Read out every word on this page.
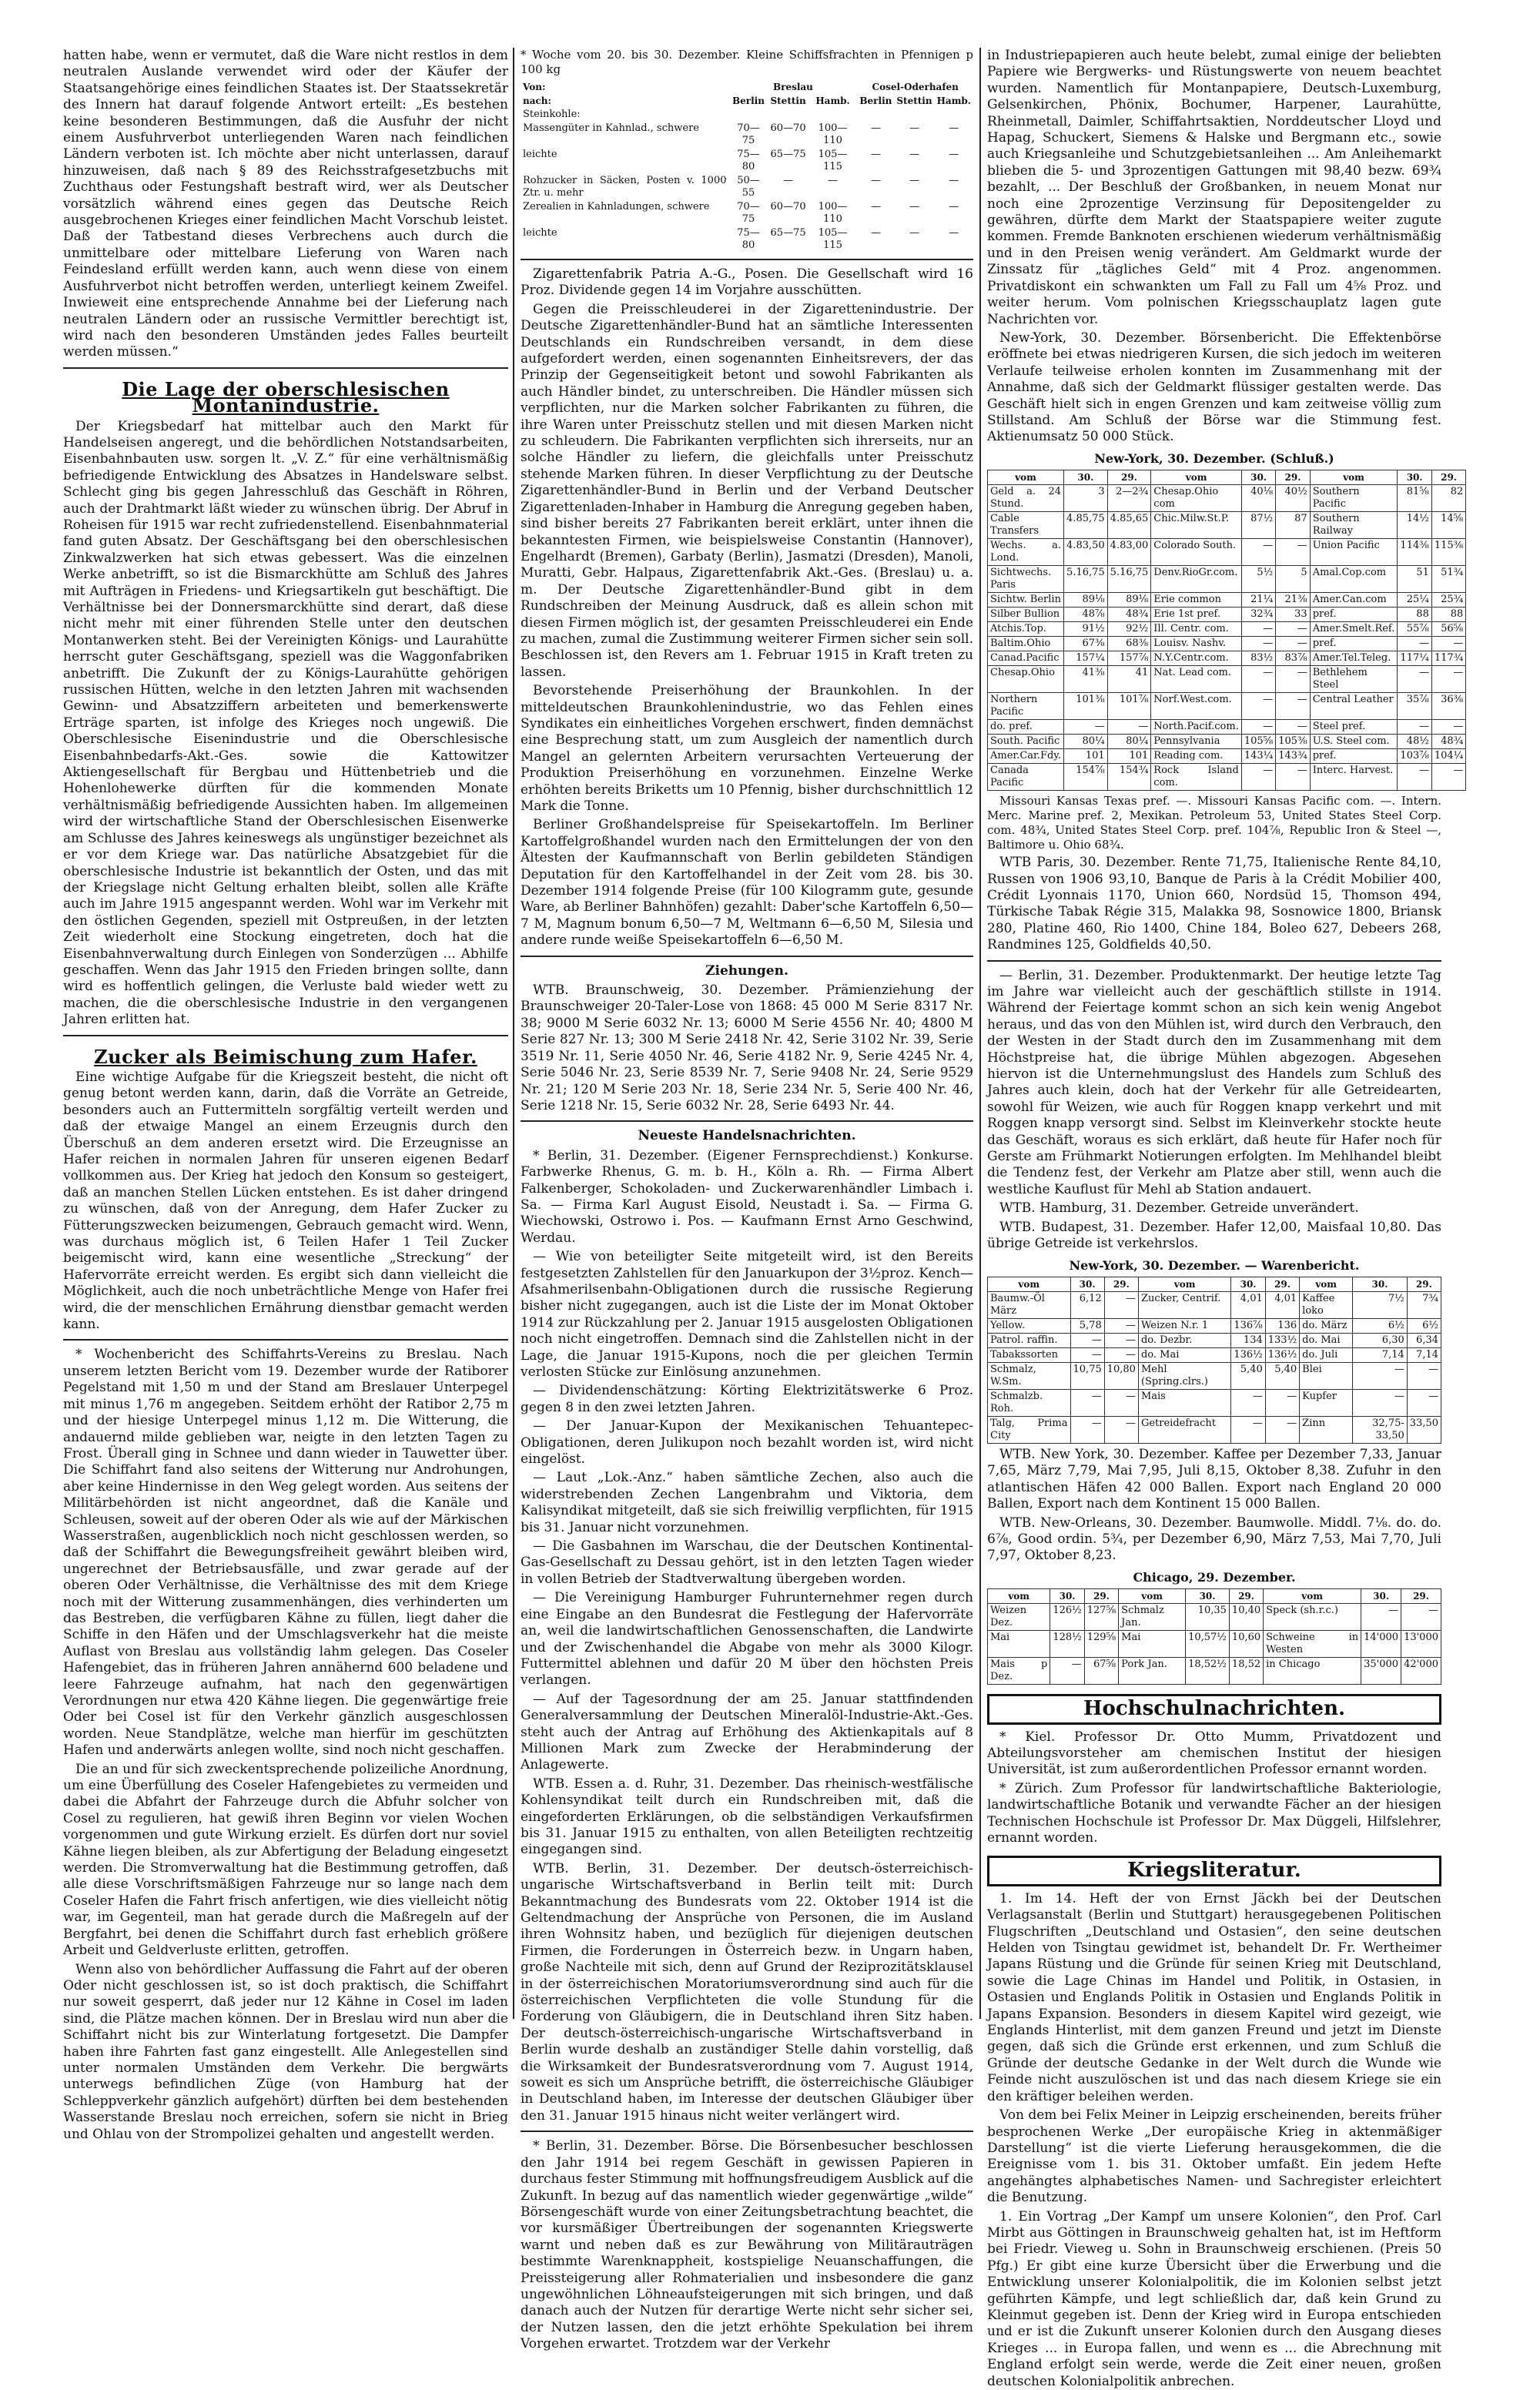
hatten habe, wenn er vermutet, daß die Ware nicht restlos in dem neutralen Auslande verwendet wird oder der Käufer der Staatsangehörige eines feindlichen Staates ist. Der Staatssekretär des Innern hat darauf folgende Antwort erteilt: „Es bestehen keine besonderen Bestimmungen, daß die Ausfuhr der nicht einem Ausfuhrverbot unterliegenden Waren nach feindlichen Ländern verboten ist. Ich möchte aber nicht unterlassen, darauf hinzuweisen, daß nach § 89 des Reichsstrafgesetzbuchs mit Zuchthaus oder Festungshaft bestraft wird, wer als Deutscher vorsätzlich während eines gegen das Deutsche Reich ausgebrochenen Krieges einer feindlichen Macht Vorschub leistet. Daß der Tatbestand dieses Verbrechens auch durch die unmittelbare oder mittelbare Lieferung von Waren nach Feindesland erfüllt werden kann, auch wenn diese von einem Ausfuhrverbot nicht betroffen werden, unterliegt keinem Zweifel. Inwieweit eine entsprechende Annahme bei der Lieferung nach neutralen Ländern oder an russische Vermittler berechtigt ist, wird nach den besonderen Umständen jedes Falles beurteilt werden müssen.“

Die Lage der oberschlesischen Montanindustrie.

Der Kriegsbedarf hat mittelbar auch den Markt für Handelseisen angeregt, und die behördlichen Notstandsarbeiten, Eisenbahnbauten usw. sorgen lt. „V. Z.“ für eine verhältnismäßig befriedigende Entwicklung des Absatzes in Handelsware selbst. Schlecht ging bis gegen Jahresschluß das Geschäft in Röhren, auch der Drahtmarkt läßt wieder zu wünschen übrig. Der Abruf in Roheisen für 1915 war recht zufriedenstellend. Eisenbahnmaterial fand guten Absatz. Der Geschäftsgang bei den oberschlesischen Zinkwalzwerken hat sich etwas gebessert. Was die einzelnen Werke anbetrifft, so ist die Bismarckhütte am Schluß des Jahres mit Aufträgen in Friedens- und Kriegsartikeln gut beschäftigt. Die Verhältnisse bei der Donnersmarckhütte sind derart, daß diese nicht mehr mit einer führenden Stelle unter den deutschen Montanwerken steht. Bei der Vereinigten Königs- und Laurahütte herrscht guter Geschäftsgang, speziell was die Waggonfabriken anbetrifft. Die Zukunft der zu Königs-Laurahütte gehörigen russischen Hütten, welche in den letzten Jahren mit wachsenden Gewinn- und Absatzziffern arbeiteten und bemerkenswerte Erträge sparten, ist infolge des Krieges noch ungewiß. Die Oberschlesische Eisenindustrie und die Oberschlesische Eisenbahnbedarfs-Akt.-Ges. sowie die Kattowitzer Aktiengesellschaft für Bergbau und Hüttenbetrieb und die Hohenlohewerke dürften für die kommenden Monate verhältnismäßig befriedigende Aussichten haben. Im allgemeinen wird der wirtschaftliche Stand der Oberschlesischen Eisenwerke am Schlusse des Jahres keineswegs als ungünstiger bezeichnet als er vor dem Kriege war. Das natürliche Absatzgebiet für die oberschlesische Industrie ist bekanntlich der Osten, und das mit der Kriegslage nicht Geltung erhalten bleibt, sollen alle Kräfte auch im Jahre 1915 angespannt werden. Wohl war im Verkehr mit den östlichen Gegenden, speziell mit Ostpreußen, in der letzten Zeit wiederholt eine Stockung eingetreten, doch hat die Eisenbahnverwaltung durch Einlegen von Sonderzügen ... Abhilfe geschaffen. Wenn das Jahr 1915 den Frieden bringen sollte, dann wird es hoffentlich gelingen, die Verluste bald wieder wett zu machen, die die oberschlesische Industrie in den vergangenen Jahren erlitten hat.

Zucker als Beimischung zum Hafer.

Eine wichtige Aufgabe für die Kriegszeit besteht, die nicht oft genug betont werden kann, darin, daß die Vorräte an Getreide, besonders auch an Futtermitteln sorgfältig verteilt werden und daß der etwaige Mangel an einem Erzeugnis durch den Überschuß an dem anderen ersetzt wird. Die Erzeugnisse an Hafer reichen in normalen Jahren für unseren eigenen Bedarf vollkommen aus. Der Krieg hat jedoch den Konsum so gesteigert, daß an manchen Stellen Lücken entstehen. Es ist daher dringend zu wünschen, daß von der Anregung, dem Hafer Zucker zu Fütterungszwecken beizumengen, Gebrauch gemacht wird. Wenn, was durchaus möglich ist, 6 Teilen Hafer 1 Teil Zucker beigemischt wird, kann eine wesentliche „Streckung“ der Hafervorräte erreicht werden. Es ergibt sich dann vielleicht die Möglichkeit, auch die noch unbeträchtliche Menge von Hafer frei wird, die der menschlichen Ernährung dienstbar gemacht werden kann.

* Wochenbericht des Schiffahrts-Vereins zu Breslau. Nach unserem letzten Bericht vom 19. Dezember wurde der Ratiborer Pegelstand mit 1,50 m und der Stand am Breslauer Unterpegel mit minus 1,76 m angegeben. Seitdem erhöht der Ratibor 2,75 m und der hiesige Unterpegel minus 1,12 m. Die Witterung, die andauernd milde geblieben war, neigte in den letzten Tagen zu Frost. Überall ging in Schnee und dann wieder in Tauwetter über. Die Schiffahrt fand also seitens der Witterung nur Androhungen, aber keine Hindernisse in den Weg gelegt worden. Aus seitens der Militärbehörden ist nicht angeordnet, daß die Kanäle und Schleusen, soweit auf der oberen Oder als wie auf der Märkischen Wasserstraßen, augenblicklich noch nicht geschlossen werden, so daß der Schiffahrt die Bewegungsfreiheit gewährt bleiben wird, ungerechnet der Betriebsausfälle, und zwar gerade auf der oberen Oder Verhältnisse, die Verhältnisse des mit dem Kriege noch mit der Witterung zusammenhängen, dies verhinderten um das Bestreben, die verfügbaren Kähne zu füllen, liegt daher die Schiffe in den Häfen und der Umschlagsverkehr hat die meiste Auflast von Breslau aus vollständig lahm gelegen. Das Coseler Hafengebiet, das in früheren Jahren annähernd 600 beladene und leere Fahrzeuge aufnahm, hat nach den gegenwärtigen Verordnungen nur etwa 420 Kähne liegen. Die gegenwärtige freie Oder bei Cosel ist für den Verkehr gänzlich ausgeschlossen worden. Neue Standplätze, welche man hierfür im geschützten Hafen und anderwärts anlegen wollte, sind noch nicht geschaffen.

Die an und für sich zweckentsprechende polizeiliche Anordnung, um eine Überfüllung des Coseler Hafengebietes zu vermeiden und dabei die Abfahrt der Fahrzeuge durch die Abfuhr solcher von Cosel zu regulieren, hat gewiß ihren Beginn vor vielen Wochen vorgenommen und gute Wirkung erzielt. Es dürfen dort nur soviel Kähne liegen bleiben, als zur Abfertigung der Beladung eingesetzt werden. Die Stromverwaltung hat die Bestimmung getroffen, daß alle diese Vorschriftsmäßigen Fahrzeuge nur so lange nach dem Coseler Hafen die Fahrt frisch anfertigen, wie dies vielleicht nötig war, im Gegenteil, man hat gerade durch die Maßregeln auf der Bergfahrt, bei denen die Schiffahrt durch fast erheblich größere Arbeit und Geldverluste erlitten, getroffen.

Wenn also von behördlicher Auffassung die Fahrt auf der oberen Oder nicht geschlossen ist, so ist doch praktisch, die Schiffahrt nur soweit gesperrt, daß jeder nur 12 Kähne in Cosel im laden sind, die Plätze machen können. Der in Breslau wird nun aber die Schiffahrt nicht bis zur Winterlatung fortgesetzt. Die Dampfer haben ihre Fahrten fast ganz eingestellt. Alle Anlegestellen sind unter normalen Umständen dem Verkehr. Die bergwärts unterwegs befindlichen Züge (von Hamburg hat der Schleppverkehr gänzlich aufgehört) dürften bei dem bestehenden Wasserstande Breslau noch erreichen, sofern sie nicht in Brieg und Ohlau von der Strompolizei gehalten und angestellt werden.

* Woche vom 20. bis 30. Dezember. Kleine Schiffsfrachten in Pfennigen p 100 kg

Von:	Breslau			Cosel-Oderhafen		
nach:	Berlin	Stettin	Hamb.	Berlin	Stettin	Hamb.
Steinkohle:						
Massengüter in Kahnlad., schwere	70—75	60—70	100—110	—	—	—
leichte	75—80	65—75	105—115	—	—	—
Rohzucker in Säcken, Posten v. 1000 Ztr. u. mehr	50—55	—	—	—	—	—
Zerealien in Kahnladungen, schwere	70—75	60—70	100—110	—	—	—
leichte	75—80	65—75	105—115	—	—	—

Zigarettenfabrik Patria A.-G., Posen. Die Gesellschaft wird 16 Proz. Dividende gegen 14 im Vorjahre ausschütten.

Gegen die Preisschleuderei in der Zigarettenindustrie. Der Deutsche Zigarettenhändler-Bund hat an sämtliche Interessenten Deutschlands ein Rundschreiben versandt, in dem diese aufgefordert werden, einen sogenannten Einheitsrevers, der das Prinzip der Gegenseitigkeit betont und sowohl Fabrikanten als auch Händler bindet, zu unterschreiben. Die Händler müssen sich verpflichten, nur die Marken solcher Fabrikanten zu führen, die ihre Waren unter Preisschutz stellen und mit diesen Marken nicht zu schleudern. Die Fabrikanten verpflichten sich ihrerseits, nur an solche Händler zu liefern, die gleichfalls unter Preisschutz stehende Marken führen. In dieser Verpflichtung zu der Deutsche Zigarettenhändler-Bund in Berlin und der Verband Deutscher Zigarettenladen-Inhaber in Hamburg die Anregung gegeben haben, sind bisher bereits 27 Fabrikanten bereit erklärt, unter ihnen die bekanntesten Firmen, wie beispielsweise Constantin (Hannover), Engelhardt (Bremen), Garbaty (Berlin), Jasmatzi (Dresden), Manoli, Muratti, Gebr. Halpaus, Zigarettenfabrik Akt.-Ges. (Breslau) u. a. m. Der Deutsche Zigarettenhändler-Bund gibt in dem Rundschreiben der Meinung Ausdruck, daß es allein schon mit diesen Firmen möglich ist, der gesamten Preisschleuderei ein Ende zu machen, zumal die Zustimmung weiterer Firmen sicher sein soll. Beschlossen ist, den Revers am 1. Februar 1915 in Kraft treten zu lassen.

Bevorstehende Preiserhöhung der Braunkohlen. In der mitteldeutschen Braunkohlenindustrie, wo das Fehlen eines Syndikates ein einheitliches Vorgehen erschwert, finden demnächst eine Besprechung statt, um zum Ausgleich der namentlich durch Mangel an gelernten Arbeitern verursachten Verteuerung der Produktion Preiserhöhung en vorzunehmen. Einzelne Werke erhöhten bereits Briketts um 10 Pfennig, bisher durchschnittlich 12 Mark die Tonne.

Berliner Großhandelspreise für Speisekartoffeln. Im Berliner Kartoffelgroßhandel wurden nach den Ermittelungen der von den Ältesten der Kaufmannschaft von Berlin gebildeten Ständigen Deputation für den Kartoffelhandel in der Zeit vom 28. bis 30. Dezember 1914 folgende Preise (für 100 Kilogramm gute, gesunde Ware, ab Berliner Bahnhöfen) gezahlt: Daber'sche Kartoffeln 6,50—7 M, Magnum bonum 6,50—7 M, Weltmann 6—6,50 M, Silesia und andere runde weiße Speisekartoffeln 6—6,50 M.

Ziehungen.

WTB. Braunschweig, 30. Dezember. Prämienziehung der Braunschweiger 20-Taler-Lose von 1868: 45 000 M Serie 8317 Nr. 38; 9000 M Serie 6032 Nr. 13; 6000 M Serie 4556 Nr. 40; 4800 M Serie 827 Nr. 13; 300 M Serie 2418 Nr. 42, Serie 3102 Nr. 39, Serie 3519 Nr. 11, Serie 4050 Nr. 46, Serie 4182 Nr. 9, Serie 4245 Nr. 4, Serie 5046 Nr. 23, Serie 8539 Nr. 7, Serie 9408 Nr. 24, Serie 9529 Nr. 21; 120 M Serie 203 Nr. 18, Serie 234 Nr. 5, Serie 400 Nr. 46, Serie 1218 Nr. 15, Serie 6032 Nr. 28, Serie 6493 Nr. 44.

Neueste Handelsnachrichten.

* Berlin, 31. Dezember. (Eigener Fernsprechdienst.) Konkurse. Farbwerke Rhenus, G. m. b. H., Köln a. Rh. — Firma Albert Falkenberger, Schokoladen- und Zuckerwarenhändler Limbach i. Sa. — Firma Karl August Eisold, Neustadt i. Sa. — Firma G. Wiechowski, Ostrowo i. Pos. — Kaufmann Ernst Arno Geschwind, Werdau.

— Wie von beteiligter Seite mitgeteilt wird, ist den Bereits festgesetzten Zahlstellen für den Januarkupon der 3½proz. Kench—Afsahmerilsenbahn-Obligationen durch die russische Regierung bisher nicht zugegangen, auch ist die Liste der im Monat Oktober 1914 zur Rückzahlung per 2. Januar 1915 ausgelosten Obligationen noch nicht eingetroffen. Demnach sind die Zahlstellen nicht in der Lage, die Januar 1915-Kupons, noch die per gleichen Termin verlosten Stücke zur Einlösung anzunehmen.

— Dividendenschätzung: Körting Elektrizitätswerke 6 Proz. gegen 8 in den zwei letzten Jahren.

— Der Januar-Kupon der Mexikanischen Tehuantepec-Obligationen, deren Julikupon noch bezahlt worden ist, wird nicht eingelöst.

— Laut „Lok.-Anz.“ haben sämtliche Zechen, also auch die widerstrebenden Zechen Langenbrahm und Viktoria, dem Kalisyndikat mitgeteilt, daß sie sich freiwillig verpflichten, für 1915 bis 31. Januar nicht vorzunehmen.

— Die Gasbahnen im Warschau, die der Deutschen Kontinental-Gas-Gesellschaft zu Dessau gehört, ist in den letzten Tagen wieder in vollen Betrieb der Stadtverwaltung übergeben worden.

— Die Vereinigung Hamburger Fuhrunternehmer regen durch eine Eingabe an den Bundesrat die Festlegung der Hafervorräte an, weil die landwirtschaftlichen Genossenschaften, die Landwirte und der Zwischenhandel die Abgabe von mehr als 3000 Kilogr. Futtermittel ablehnen und dafür 20 M über den höchsten Preis verlangen.

— Auf der Tagesordnung der am 25. Januar stattfindenden Generalversammlung der Deutschen Mineralöl-Industrie-Akt.-Ges. steht auch der Antrag auf Erhöhung des Aktienkapitals auf 8 Millionen Mark zum Zwecke der Herabminderung der Anlagewerte.

WTB. Essen a. d. Ruhr, 31. Dezember. Das rheinisch-westfälische Kohlensyndikat teilt durch ein Rundschreiben mit, daß die eingeforderten Erklärungen, ob die selbständigen Verkaufsfirmen bis 31. Januar 1915 zu enthalten, von allen Beteiligten rechtzeitig eingegangen sind.

WTB. Berlin, 31. Dezember. Der deutsch-österreichisch-ungarische Wirtschaftsverband in Berlin teilt mit: Durch Bekanntmachung des Bundesrats vom 22. Oktober 1914 ist die Geltendmachung der Ansprüche von Personen, die im Ausland ihren Wohnsitz haben, und bezüglich für diejenigen deutschen Firmen, die Forderungen in Österreich bezw. in Ungarn haben, große Nachteile mit sich, denn auf Grund der Reziprozitätsklausel in der österreichischen Moratoriumsverordnung sind auch für die österreichischen Verpflichteten die volle Stundung für die Forderung von Gläubigern, die in Deutschland ihren Sitz haben. Der deutsch-österreichisch-ungarische Wirtschaftsverband in Berlin wurde deshalb an zuständiger Stelle dahin vorstellig, daß die Wirksamkeit der Bundesratsverordnung vom 7. August 1914, soweit es sich um Ansprüche betrifft, die österreichische Gläubiger in Deutschland haben, im Interesse der deutschen Gläubiger über den 31. Januar 1915 hinaus nicht weiter verlängert wird.

* Berlin, 31. Dezember. Börse. Die Börsenbesucher beschlossen den Jahr 1914 bei regem Geschäft in gewissen Papieren in durchaus fester Stimmung mit hoffnungsfreudigem Ausblick auf die Zukunft. In bezug auf das namentlich wieder gegenwärtige „wilde“ Börsengeschäft wurde von einer Zeitungsbetrachtung beachtet, die vor kursmäßiger Übertreibungen der sogenannten Kriegswerte warnt und neben daß es zur Bewährung von Militärauträgen bestimmte Warenknappheit, kostspielige Neuanschaffungen, die Preissteigerung aller Rohmaterialien und insbesondere die ganz ungewöhnlichen Löhneaufsteigerungen mit sich bringen, und daß danach auch der Nutzen für derartige Werte nicht sehr sicher sei, der Nutzen lassen, den die jetzt erhöhte Spekulation bei ihrem Vorgehen erwartet. Trotzdem war der Verkehr

in Industriepapieren auch heute belebt, zumal einige der beliebten Papiere wie Bergwerks- und Rüstungswerte von neuem beachtet wurden. Namentlich für Montanpapiere, Deutsch-Luxemburg, Gelsenkirchen, Phönix, Bochumer, Harpener, Laurahütte, Rheinmetall, Daimler, Schiffahrtsaktien, Norddeutscher Lloyd und Hapag, Schuckert, Siemens & Halske und Bergmann etc., sowie auch Kriegsanleihe und Schutzgebietsanleihen ... Am Anleihemarkt blieben die 5- und 3prozentigen Gattungen mit 98,40 bezw. 69¾ bezahlt, ... Der Beschluß der Großbanken, in neuem Monat nur noch eine 2prozentige Verzinsung für Depositengelder zu gewähren, dürfte dem Markt der Staatspapiere weiter zugute kommen. Fremde Banknoten erschienen wiederum verhältnismäßig und in den Preisen wenig verändert. Am Geldmarkt wurde der Zinssatz für „tägliches Geld“ mit 4 Proz. angenommen. Privatdiskont ein schwankten um Fall zu Fall um 4⅝ Proz. und weiter herum. Vom polnischen Kriegsschauplatz lagen gute Nachrichten vor.

New-York, 30. Dezember. Börsenbericht. Die Effektenbörse eröffnete bei etwas niedrigeren Kursen, die sich jedoch im weiteren Verlaufe teilweise erholen konnten im Zusammenhang mit der Annahme, daß sich der Geldmarkt flüssiger gestalten werde. Das Geschäft hielt sich in engen Grenzen und kam zeitweise völlig zum Stillstand. Am Schluß der Börse war die Stimmung fest. Aktienumsatz 50 000 Stück.

New-York, 30. Dezember. (Schluß.)
vom	30.	29.	vom	30.	29.	vom	30.	29.
Geld a. 24 Stund.	3	2—2¾	Chesap.Ohio com	40⅛	40½	Southern Pacific	81⅝	82
Cable Transfers	4.85,75	4.85,65	Chic.Milw.St.P.	87½	87	Southern Railway	14½	14⅝
Wechs. a. Lond.	4.83,50	4.83,00	Colorado South.	—	—	Union Pacific	114⅜	115⅜
Sichtwechs. Paris	5.16,75	5.16,75	Denv.RioGr.com.	5½	5	Amal.Cop.com	51	51¾
Sichtw. Berlin	89⅛	89⅛	Erie common	21¼	21⅜	Amer.Can.com	25¼	25¾
Silber Bullion	48⅞	48¾	Erie 1st pref.	32¾	33	pref.	88	88
Atchis.Top.	91½	92½	Ill. Centr. com.	—	—	Amer.Smelt.Ref.	55⅞	56⅝
Baltim.Ohio	67⅜	68⅜	Louisv. Nashv.	—	—	pref.	—	—
Canad.Pacific	157¼	157⅞	N.Y.Centr.com.	83½	83⅞	Amer.Tel.Teleg.	117¼	117¾
Chesap.Ohio	41⅜	41	Nat. Lead com.	—	—	Bethlehem Steel	—	—
Northern Pacific	101⅜	101⅞	Norf.West.com.	—	—	Central Leather	35⅞	36⅜
do. pref.	—	—	North.Pacif.com.	—	—	Steel pref.	—	—
South. Pacific	80¼	80¼	Pennsylvania	105⅝	105⅜	U.S. Steel com.	48½	48¾
Amer.Car.Fdy.	101	101	Reading com.	143¼	143¾	pref.	103⅞	104¼
Canada Pacific	154⅞	154¾	Rock Island com.	—	—	Interc. Harvest.	—	—

Missouri Kansas Texas pref. —. Missouri Kansas Pacific com. —. Intern. Merc. Marine pref. 2, Mexikan. Petroleum 53, United States Steel Corp. com. 48¾, United States Steel Corp. pref. 104⅞, Republic Iron & Steel —, Baltimore u. Ohio 68¾.

WTB Paris, 30. Dezember. Rente 71,75, Italienische Rente 84,10, Russen von 1906 93,10, Banque de Paris à la Crédit Mobilier 400, Crédit Lyonnais 1170, Union 660, Nordsüd 15, Thomson 494, Türkische Tabak Régie 315, Malakka 98, Sosnowice 1800, Briansk 280, Platine 460, Rio 1400, Chine 184, Boleo 627, Debeers 268, Randmines 125, Goldfields 40,50.

— Berlin, 31. Dezember. Produktenmarkt. Der heutige letzte Tag im Jahre war vielleicht auch der geschäftlich stillste in 1914. Während der Feiertage kommt schon an sich kein wenig Angebot heraus, und das von den Mühlen ist, wird durch den Verbrauch, den der Westen in der Stadt durch den im Zusammenhang mit dem Höchstpreise hat, die übrige Mühlen abgezogen. Abgesehen hiervon ist die Unternehmungslust des Handels zum Schluß des Jahres auch klein, doch hat der Verkehr für alle Getreidearten, sowohl für Weizen, wie auch für Roggen knapp verkehrt und mit Roggen knapp versorgt sind. Selbst im Kleinverkehr stockte heute das Geschäft, woraus es sich erklärt, daß heute für Hafer noch für Gerste am Frühmarkt Notierungen erfolgten. Im Mehlhandel bleibt die Tendenz fest, der Verkehr am Platze aber still, wenn auch die westliche Kauflust für Mehl ab Station andauert.

WTB. Hamburg, 31. Dezember. Getreide unverändert.

WTB. Budapest, 31. Dezember. Hafer 12,00, Maisfaal 10,80. Das übrige Getreide ist verkehrslos.

New-York, 30. Dezember. — Warenbericht.
vom	30.	29.	vom	30.	29.	vom	30.	29.
Baumw.-Öl März	6,12	—	Zucker, Centrif.	4,01	4,01	Kaffee loko	7½	7¾
Yellow.	5,78	—	Weizen N.r. 1	136⅞	136	do. März	6½	6½
Patrol. raffin.	—	—	do. Dezbr.	134	133½	do. Mai	6,30	6,34
Tabakssorten	—	—	do. Mai	136½	136½	do. Juli	7,14	7,14
Schmalz, W.Sm.	10,75	10,80	Mehl (Spring.clrs.)	5,40	5,40	Blei	—	—
Schmalzb. Roh.	—	—	Mais	—	—	Kupfer	—	—
Talg, Prima City	—	—	Getreidefracht	—	—	Zinn	32,75-33,50	33,50

WTB. New York, 30. Dezember. Kaffee per Dezember 7,33, Januar 7,65, März 7,79, Mai 7,95, Juli 8,15, Oktober 8,38. Zufuhr in den atlantischen Häfen 42 000 Ballen. Export nach England 20 000 Ballen, Export nach dem Kontinent 15 000 Ballen.

WTB. New-Orleans, 30. Dezember. Baumwolle. Middl. 7⅛. do. do. 6⅞, Good ordin. 5¾, per Dezember 6,90, März 7,53, Mai 7,70, Juli 7,97, Oktober 8,23.

Chicago, 29. Dezember.
vom	30.	29.	vom	30.	29.	vom	30.	29.
Weizen Dez.	126½	127⅝	Schmalz Jan.	10,35	10,40	Speck (sh.r.c.)	—	—
Mai	128½	129⅝	Mai	10,57½	10,60	Schweine in Westen	14'000	13'000
Mais p Dez.	—	67⅝	Pork Jan.	18,52½	18,52	in Chicago	35'000	42'000
Hochschulnachrichten.

* Kiel. Professor Dr. Otto Mumm, Privatdozent und Abteilungsvorsteher am chemischen Institut der hiesigen Universität, ist zum außerordentlichen Professor ernannt worden.

* Zürich. Zum Professor für landwirtschaftliche Bakteriologie, landwirtschaftliche Botanik und verwandte Fächer an der hiesigen Technischen Hochschule ist Professor Dr. Max Düggeli, Hilfslehrer, ernannt worden.

Kriegsliteratur.

1. Im 14. Heft der von Ernst Jäckh bei der Deutschen Verlagsanstalt (Berlin und Stuttgart) herausgegebenen Politischen Flugschriften „Deutschland und Ostasien“, den seine deutschen Helden von Tsingtau gewidmet ist, behandelt Dr. Fr. Wertheimer Japans Rüstung und die Gründe für seinen Krieg mit Deutschland, sowie die Lage Chinas im Handel und Politik, in Ostasien, in Ostasien und Englands Politik in Ostasien und Englands Politik in Japans Expansion. Besonders in diesem Kapitel wird gezeigt, wie Englands Hinterlist, mit dem ganzen Freund und jetzt im Dienste gegen, daß sich die Gründe erst erkennen, und zum Schluß die Gründe der deutsche Gedanke in der Welt durch die Wunde wie Feinde nicht auszulöschen ist und das nach diesem Kriege sie ein den kräftiger beleihen werden.

Von dem bei Felix Meiner in Leipzig erscheinenden, bereits früher besprochenen Werke „Der europäische Krieg in aktenmäßiger Darstellung“ ist die vierte Lieferung herausgekommen, die die Ereignisse vom 1. bis 31. Oktober umfaßt. Ein jedem Hefte angehängtes alphabetisches Namen- und Sachregister erleichtert die Benutzung.

1. Ein Vortrag „Der Kampf um unsere Kolonien“, den Prof. Carl Mirbt aus Göttingen in Braunschweig gehalten hat, ist im Heftform bei Friedr. Vieweg u. Sohn in Braunschweig erschienen. (Preis 50 Pfg.) Er gibt eine kurze Übersicht über die Erwerbung und die Entwicklung unserer Kolonialpolitik, die im Kolonien selbst jetzt geführten Kämpfe, und legt schließlich dar, daß kein Grund zu Kleinmut gegeben ist. Denn der Krieg wird in Europa entschieden und er ist die Zukunft unserer Kolonien durch den Ausgang dieses Krieges ... in Europa fallen, und wenn es ... die Abrechnung mit England erfolgt sein werde, werde die Zeit einer neuen, großen deutschen Kolonialpolitik anbrechen.
